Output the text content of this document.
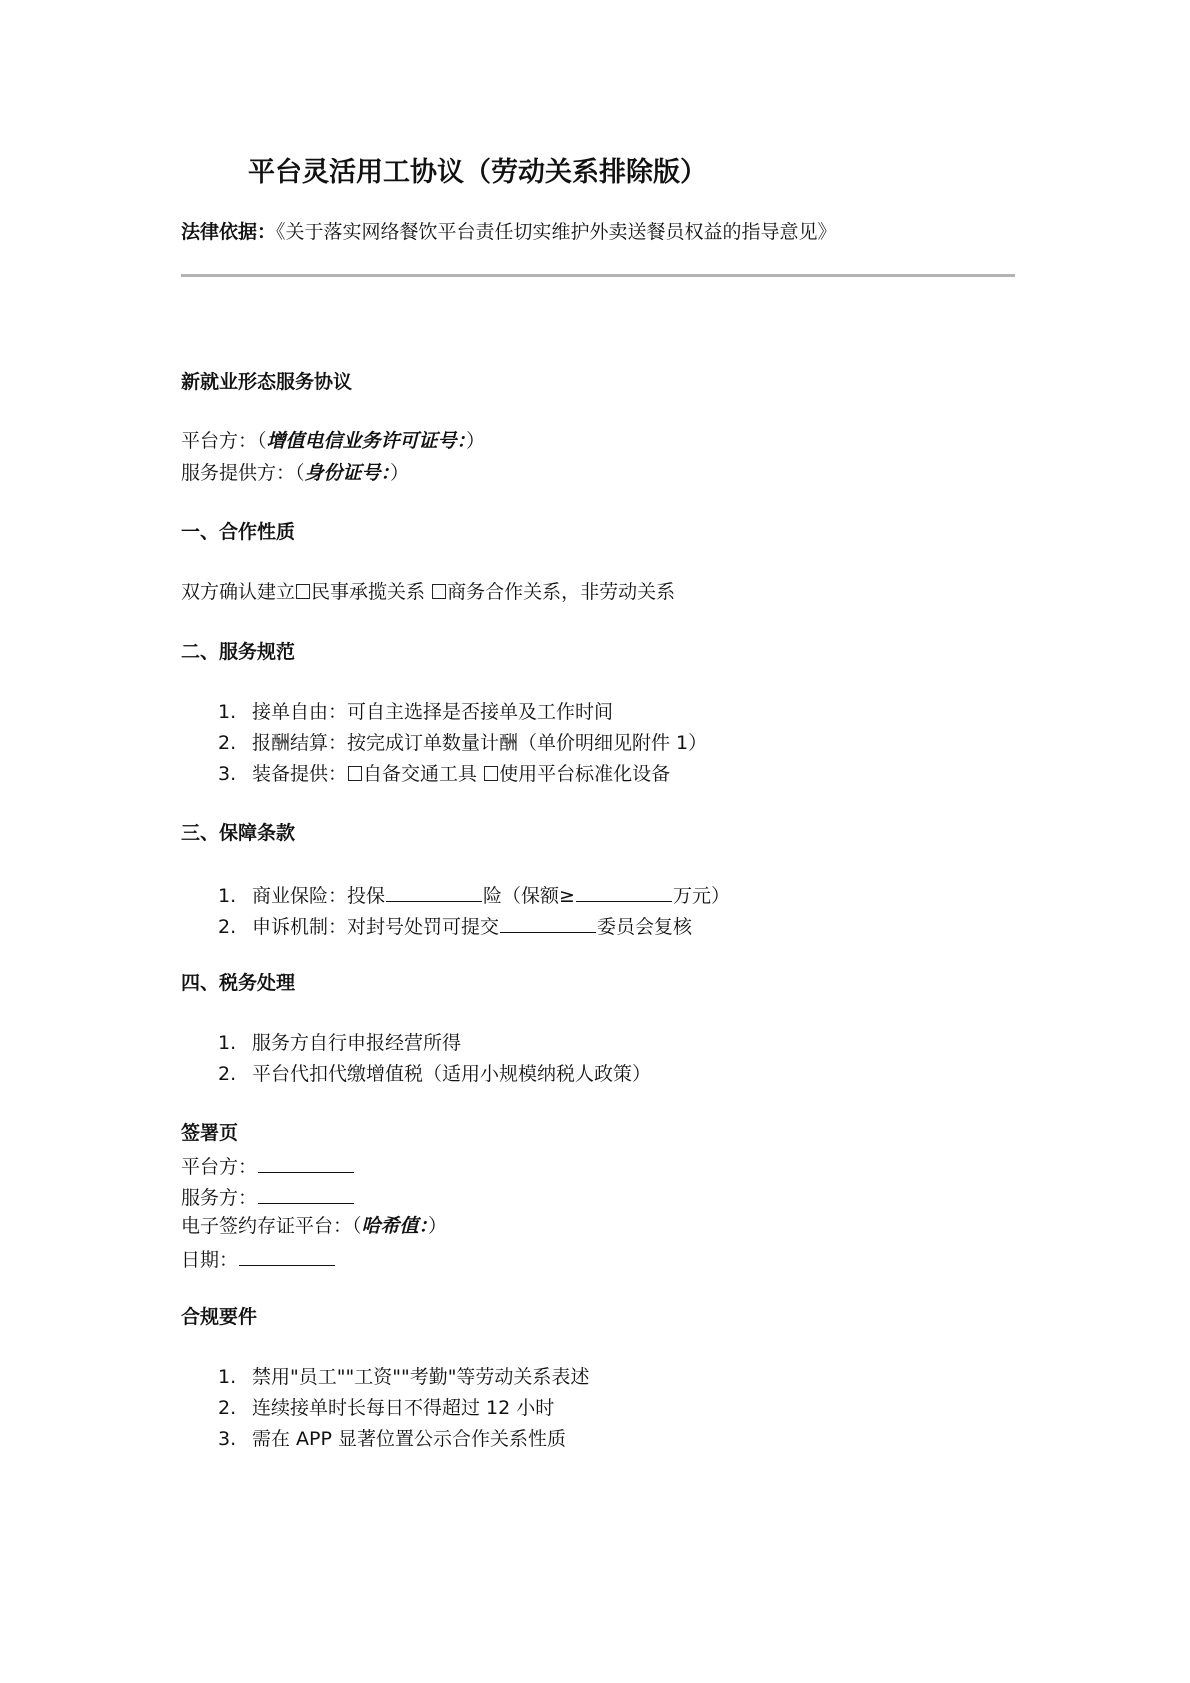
平台灵活用工协议（劳动关系排除版）
法律依据：《关于落实网络餐饮平台责任切实维护外卖送餐员权益的指导意见》
新就业形态服务协议
平台方：（增值电信业务许可证号：）
服务提供方：（身份证号：）
一、合作性质
双方确认建立 民事承揽关系 商务合作关系，非劳动关系
二、服务规范
1. 接单自由：可自主选择是否接单及工作时间
2. 报酬结算：按完成订单数量计酬（单价明细见附件 1）
3. 装备提供： 自备交通工具 使用平台标准化设备
三、保障条款
1. 商业保险：投保	险（保额≥	万元）
2. 申诉机制：对封号处罚可提交	委员会复核
四、税务处理
1. 服务方自行申报经营所得
2. 平台代扣代缴增值税（适用小规模纳税人政策）
签署页
平台方：
服务方：
电子签约存证平台：（哈希值：）
日期：
合规要件
1. 禁用"员工""工资""考勤"等劳动关系表述
2. 连续接单时长每日不得超过 12 小时
3. 需在 APP 显著位置公示合作关系性质
